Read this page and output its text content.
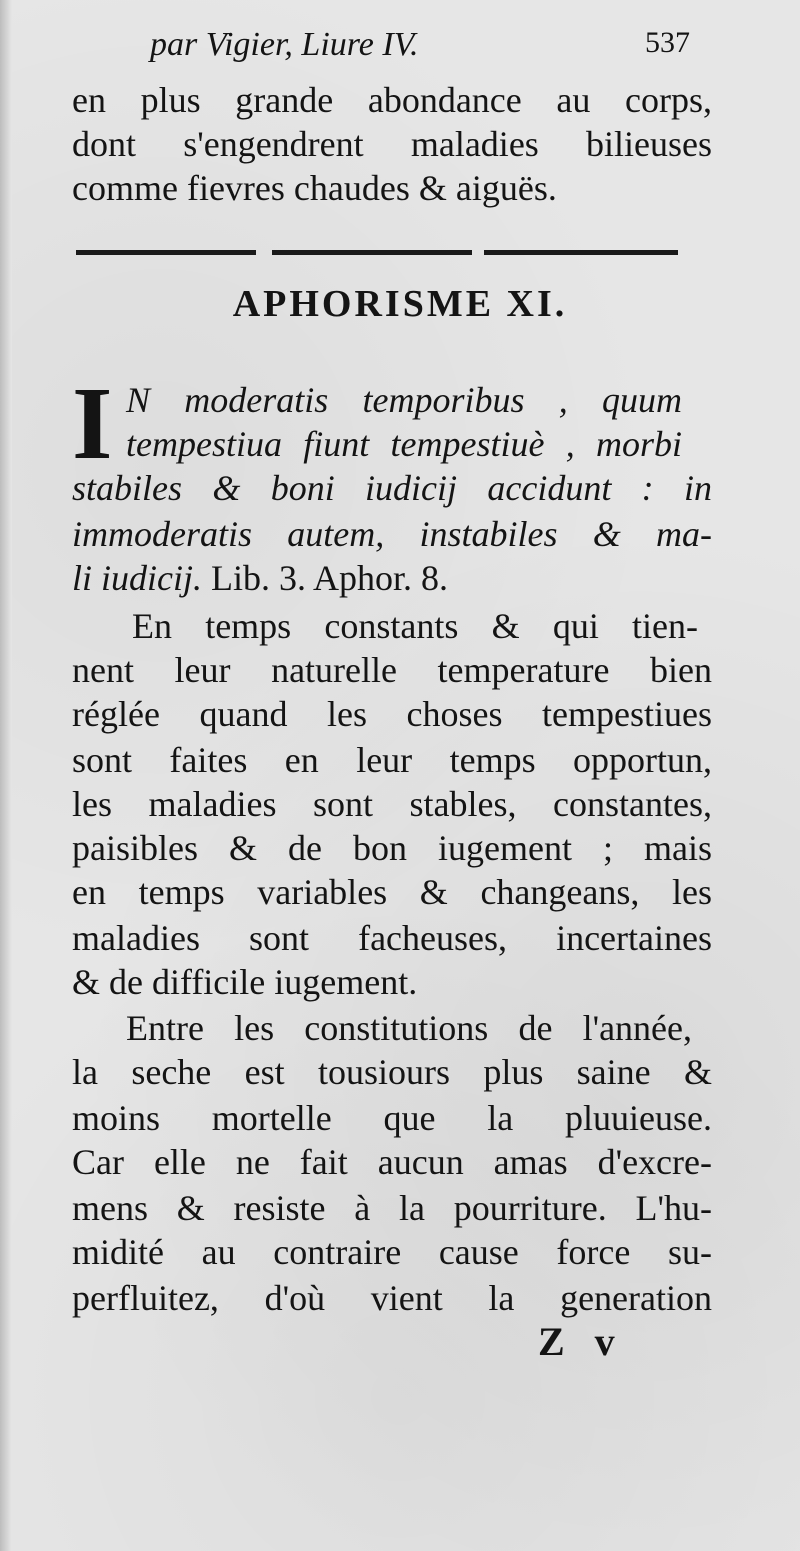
par Vigier, Liure IV.	537
en plus grande abondance au corps,
dont s'engendrent maladies bilieuses
comme fievres chaudes & aiguës.
APHORISME XI.
I N moderatis temporibus , quum
tempestiua fiunt tempestiuè , morbi
stabiles & boni iudicij accidunt : in
immoderatis autem, instabiles & ma-
li iudicij. Lib. 3. Aphor. 8.
En temps constants & qui tien-
nent leur naturelle temperature bien
réglée quand les choses tempestiues
sont faites en leur temps opportun,
les maladies sont stables, constantes,
paisibles & de bon iugement ; mais
en temps variables & changeans, les
maladies sont facheuses, incertaines
& de difficile iugement.
Entre les constitutions de l'année,
la seche est tousiours plus saine &
moins mortelle que la pluuieuse.
Car elle ne fait aucun amas d'excre-
mens & resiste à la pourriture. L'hu-
midité au contraire cause force su-
perfluitez, d'où vient la generation
Z v
